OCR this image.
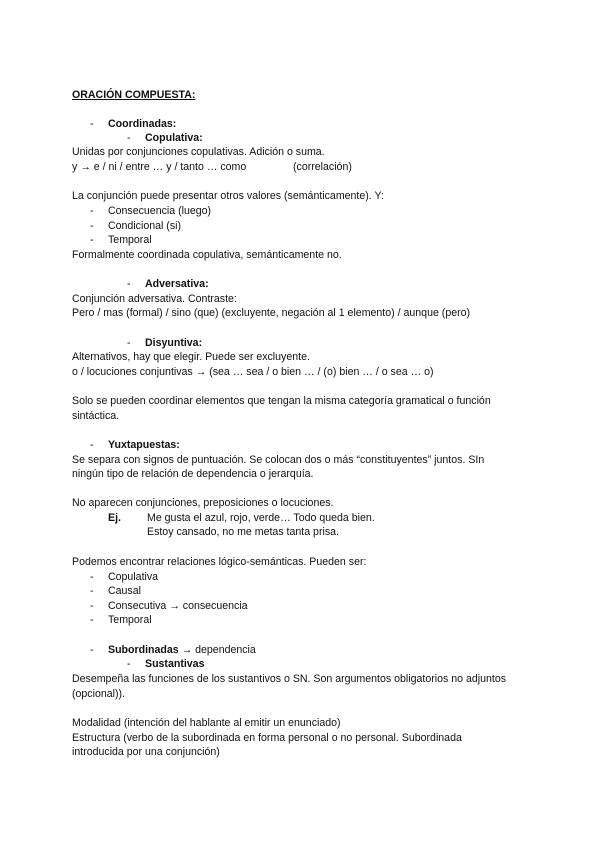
ORACIÓN COMPUESTA:
- Coordinadas:
- Copulativa:
Unidas por conjunciones copulativas. Adición o suma.
y → e / ni / entre … y / tanto … como	(correlación)
La conjunción puede presentar otros valores (semánticamente). Y:
- Consecuencia (luego)
- Condicional (si)
- Temporal
Formalmente coordinada copulativa, semánticamente no.
- Adversativa:
Conjunción adversativa. Contraste:
Pero / mas (formal) / sino (que) (excluyente, negación al 1 elemento) / aunque (pero)
- Disyuntiva:
Alternativos, hay que elegir. Puede ser excluyente.
o / locuciones conjuntivas → (sea … sea / o bien … / (o) bien … / o sea … o)
Solo se pueden coordinar elementos que tengan la misma categoría gramatical o función
sintáctica.
- Yuxtapuestas:
Se separa con signos de puntuación. Se colocan dos o más “constituyentes” juntos. SIn
ningún tipo de relación de dependencia o jerarquía.
No aparecen conjunciones, preposiciones o locuciones.
Ej. Me gusta el azul, rojo, verde… Todo queda bien.
Estoy cansado, no me metas tanta prisa.
Podemos encontrar relaciones lógico-semánticas. Pueden ser:
- Copulativa
- Causal
- Consecutiva → consecuencia
- Temporal
- Subordinadas → dependencia
- Sustantivas
Desempeña las funciones de los sustantivos o SN. Son argumentos obligatorios no adjuntos
(opcional)).
Modalidad (intención del hablante al emitir un enunciado)
Estructura (verbo de la subordinada en forma personal o no personal. Subordinada
introducida por una conjunción)
